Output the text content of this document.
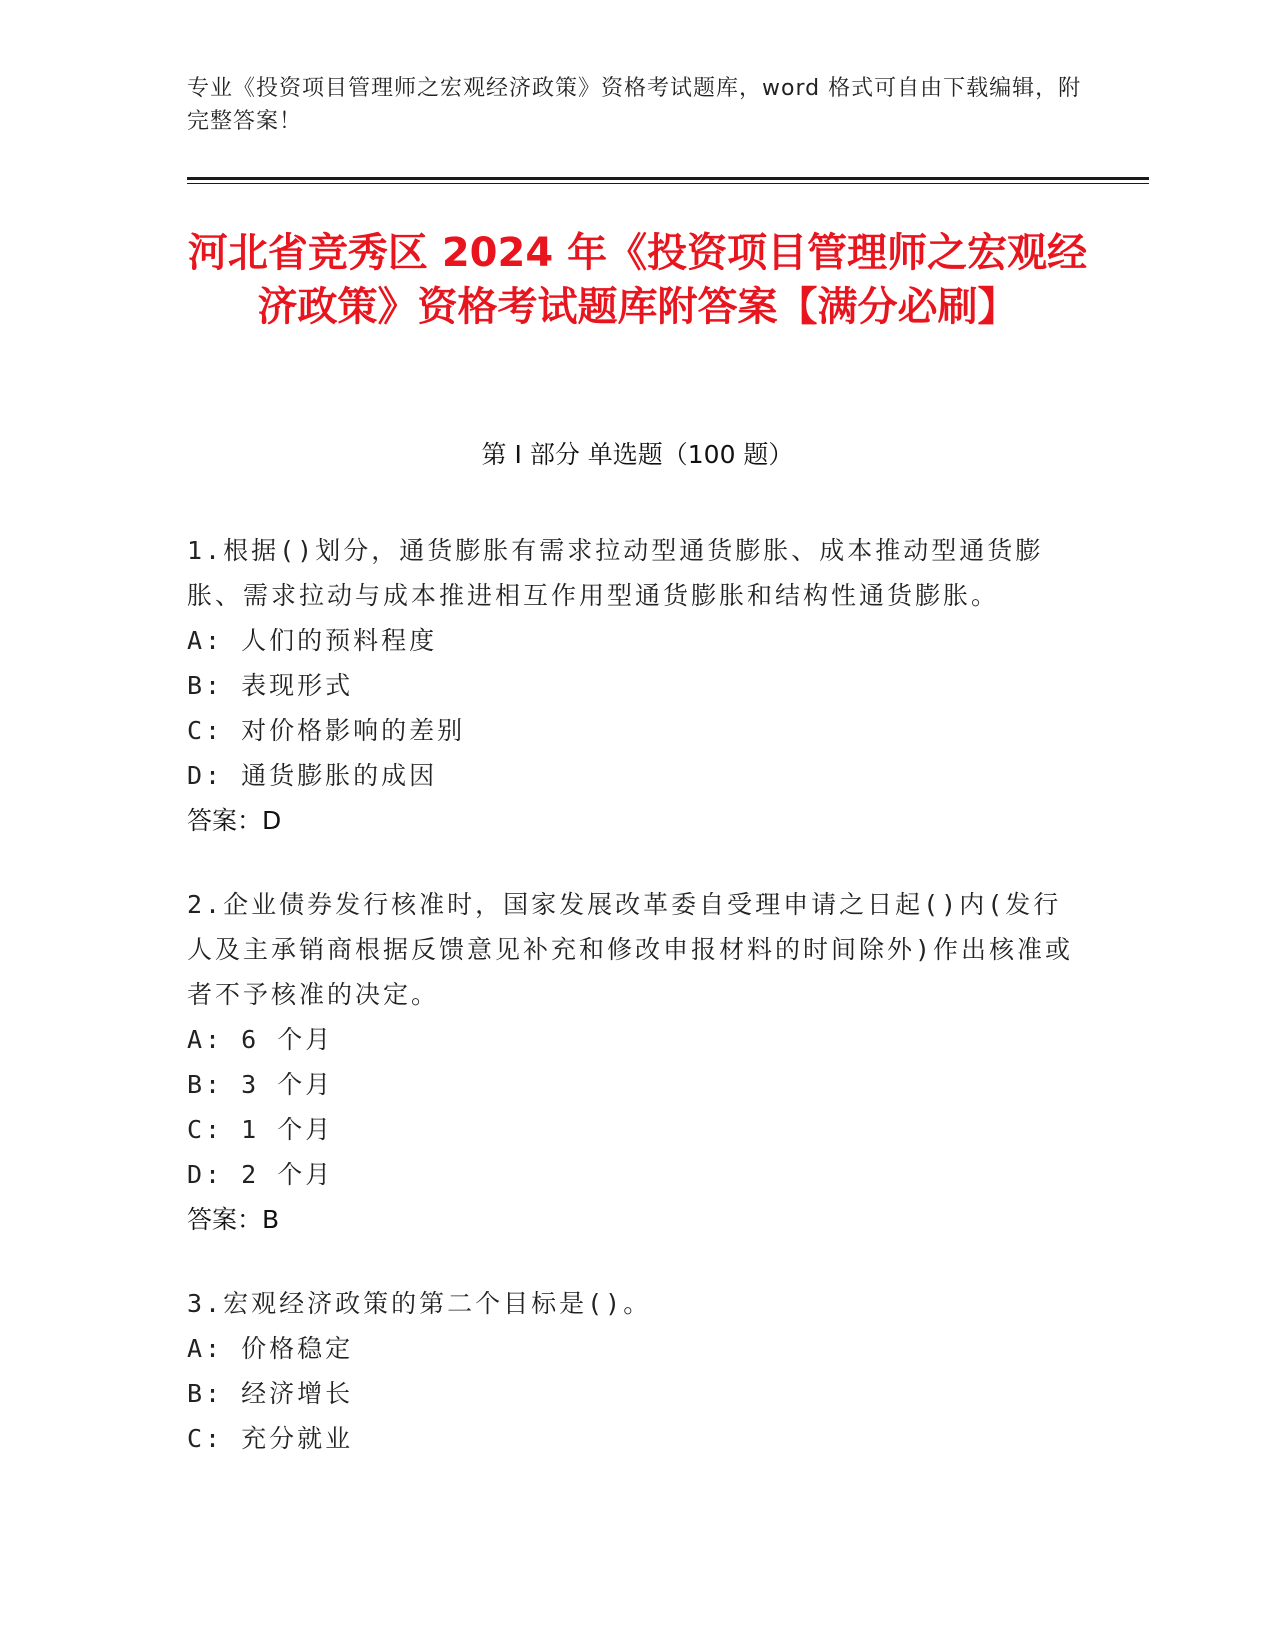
专业《投资项目管理师之宏观经济政策》资格考试题库，word 格式可自由下载编辑，附完整答案！
河北省竞秀区 2024 年《投资项目管理师之宏观经济政策》资格考试题库附答案【满分必刷】
第 I 部分 单选题（100 题）
1.根据()划分，通货膨胀有需求拉动型通货膨胀、成本推动型通货膨胀、需求拉动与成本推进相互作用型通货膨胀和结构性通货膨胀。
A: 人们的预料程度
B: 表现形式
C: 对价格影响的差别
D: 通货膨胀的成因
答案：D
2.企业债券发行核准时，国家发展改革委自受理申请之日起()内(发行人及主承销商根据反馈意见补充和修改申报材料的时间除外)作出核准或者不予核准的决定。
A: 6 个月
B: 3 个月
C: 1 个月
D: 2 个月
答案：B
3.宏观经济政策的第二个目标是()。
A: 价格稳定
B: 经济增长
C: 充分就业
